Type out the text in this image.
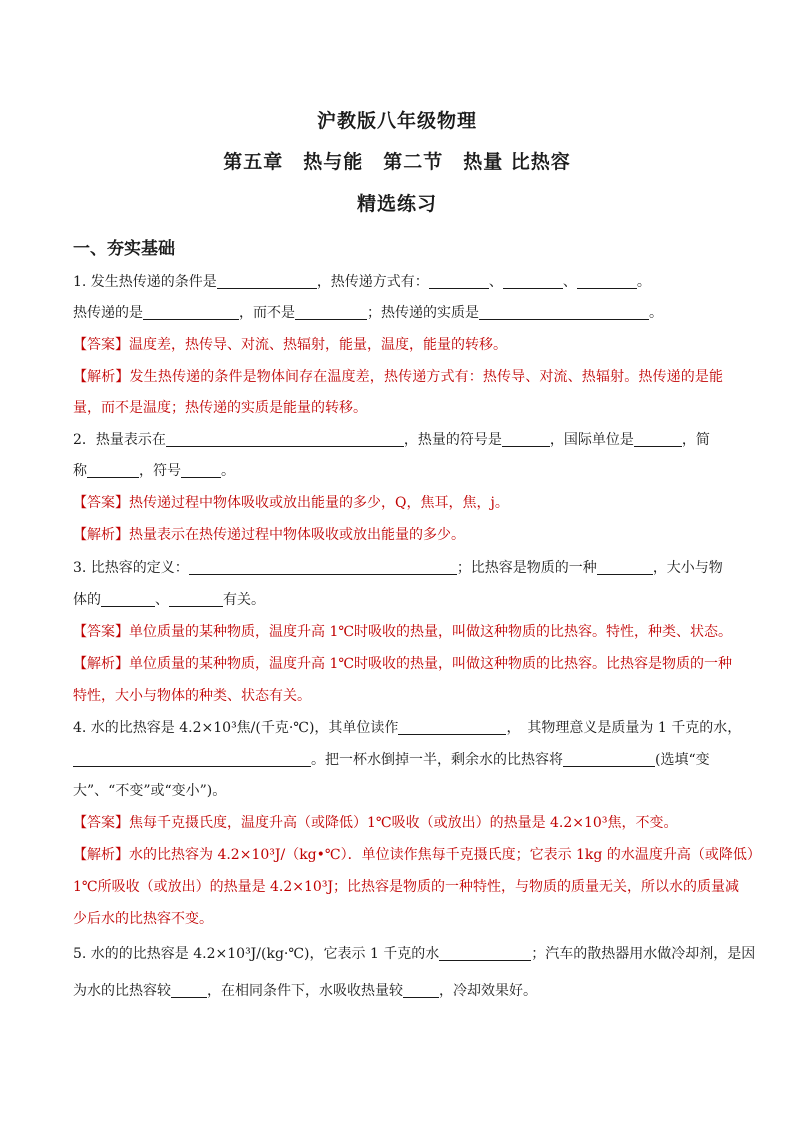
沪教版八年级物理
第五章　热与能　第二节　热量 比热容
精选练习
一、夯实基础
1. 发生热传递的条件是	，热传递方式有：	、	、	。
热传递的是	，而不是	；热传递的实质是	。
【答案】温度差，热传导、对流、热辐射，能量，温度，能量的转移。
【解析】发生热传递的条件是物体间存在温度差，热传递方式有：热传导、对流、热辐射。热传递的是能
量，而不是温度；热传递的实质是能量的转移。
2．热量表示在	，热量的符号是	，国际单位是	，简
称	，符号	。
【答案】热传递过程中物体吸收或放出能量的多少，Q，焦耳，焦，j。
【解析】热量表示在热传递过程中物体吸收或放出能量的多少。
3. 比热容的定义：	；比热容是物质的一种	，大小与物
体的	、	有关。
【答案】单位质量的某种物质，温度升高 1℃时吸收的热量，叫做这种物质的比热容。特性，种类、状态。
【解析】单位质量的某种物质，温度升高 1℃时吸收的热量，叫做这种物质的比热容。比热容是物质的一种
特性，大小与物体的种类、状态有关。
4. 水的比热容是 4.2×10³焦/(千克·℃)，其单位读作	，　其物理意义是质量为 1 千克的水，
。把一杯水倒掉一半，剩余水的比热容将	(选填“变
大”、“不变”或“变小”)。
【答案】焦每千克摄氏度，温度升高（或降低）1℃吸收（或放出）的热量是 4.2×10³焦，不变。
【解析】水的比热容为 4.2×10³J/（kg•℃）．单位读作焦每千克摄氏度；它表示 1kg 的水温度升高（或降低）
1℃所吸收（或放出）的热量是 4.2×10³J；比热容是物质的一种特性，与物质的质量无关，所以水的质量减
少后水的比热容不变。
5. 水的的比热容是 4.2×10³J/(kg·℃)，它表示 1 千克的水	；汽车的散热器用水做冷却剂，是因
为水的比热容较	，在相同条件下，水吸收热量较	，冷却效果好。
